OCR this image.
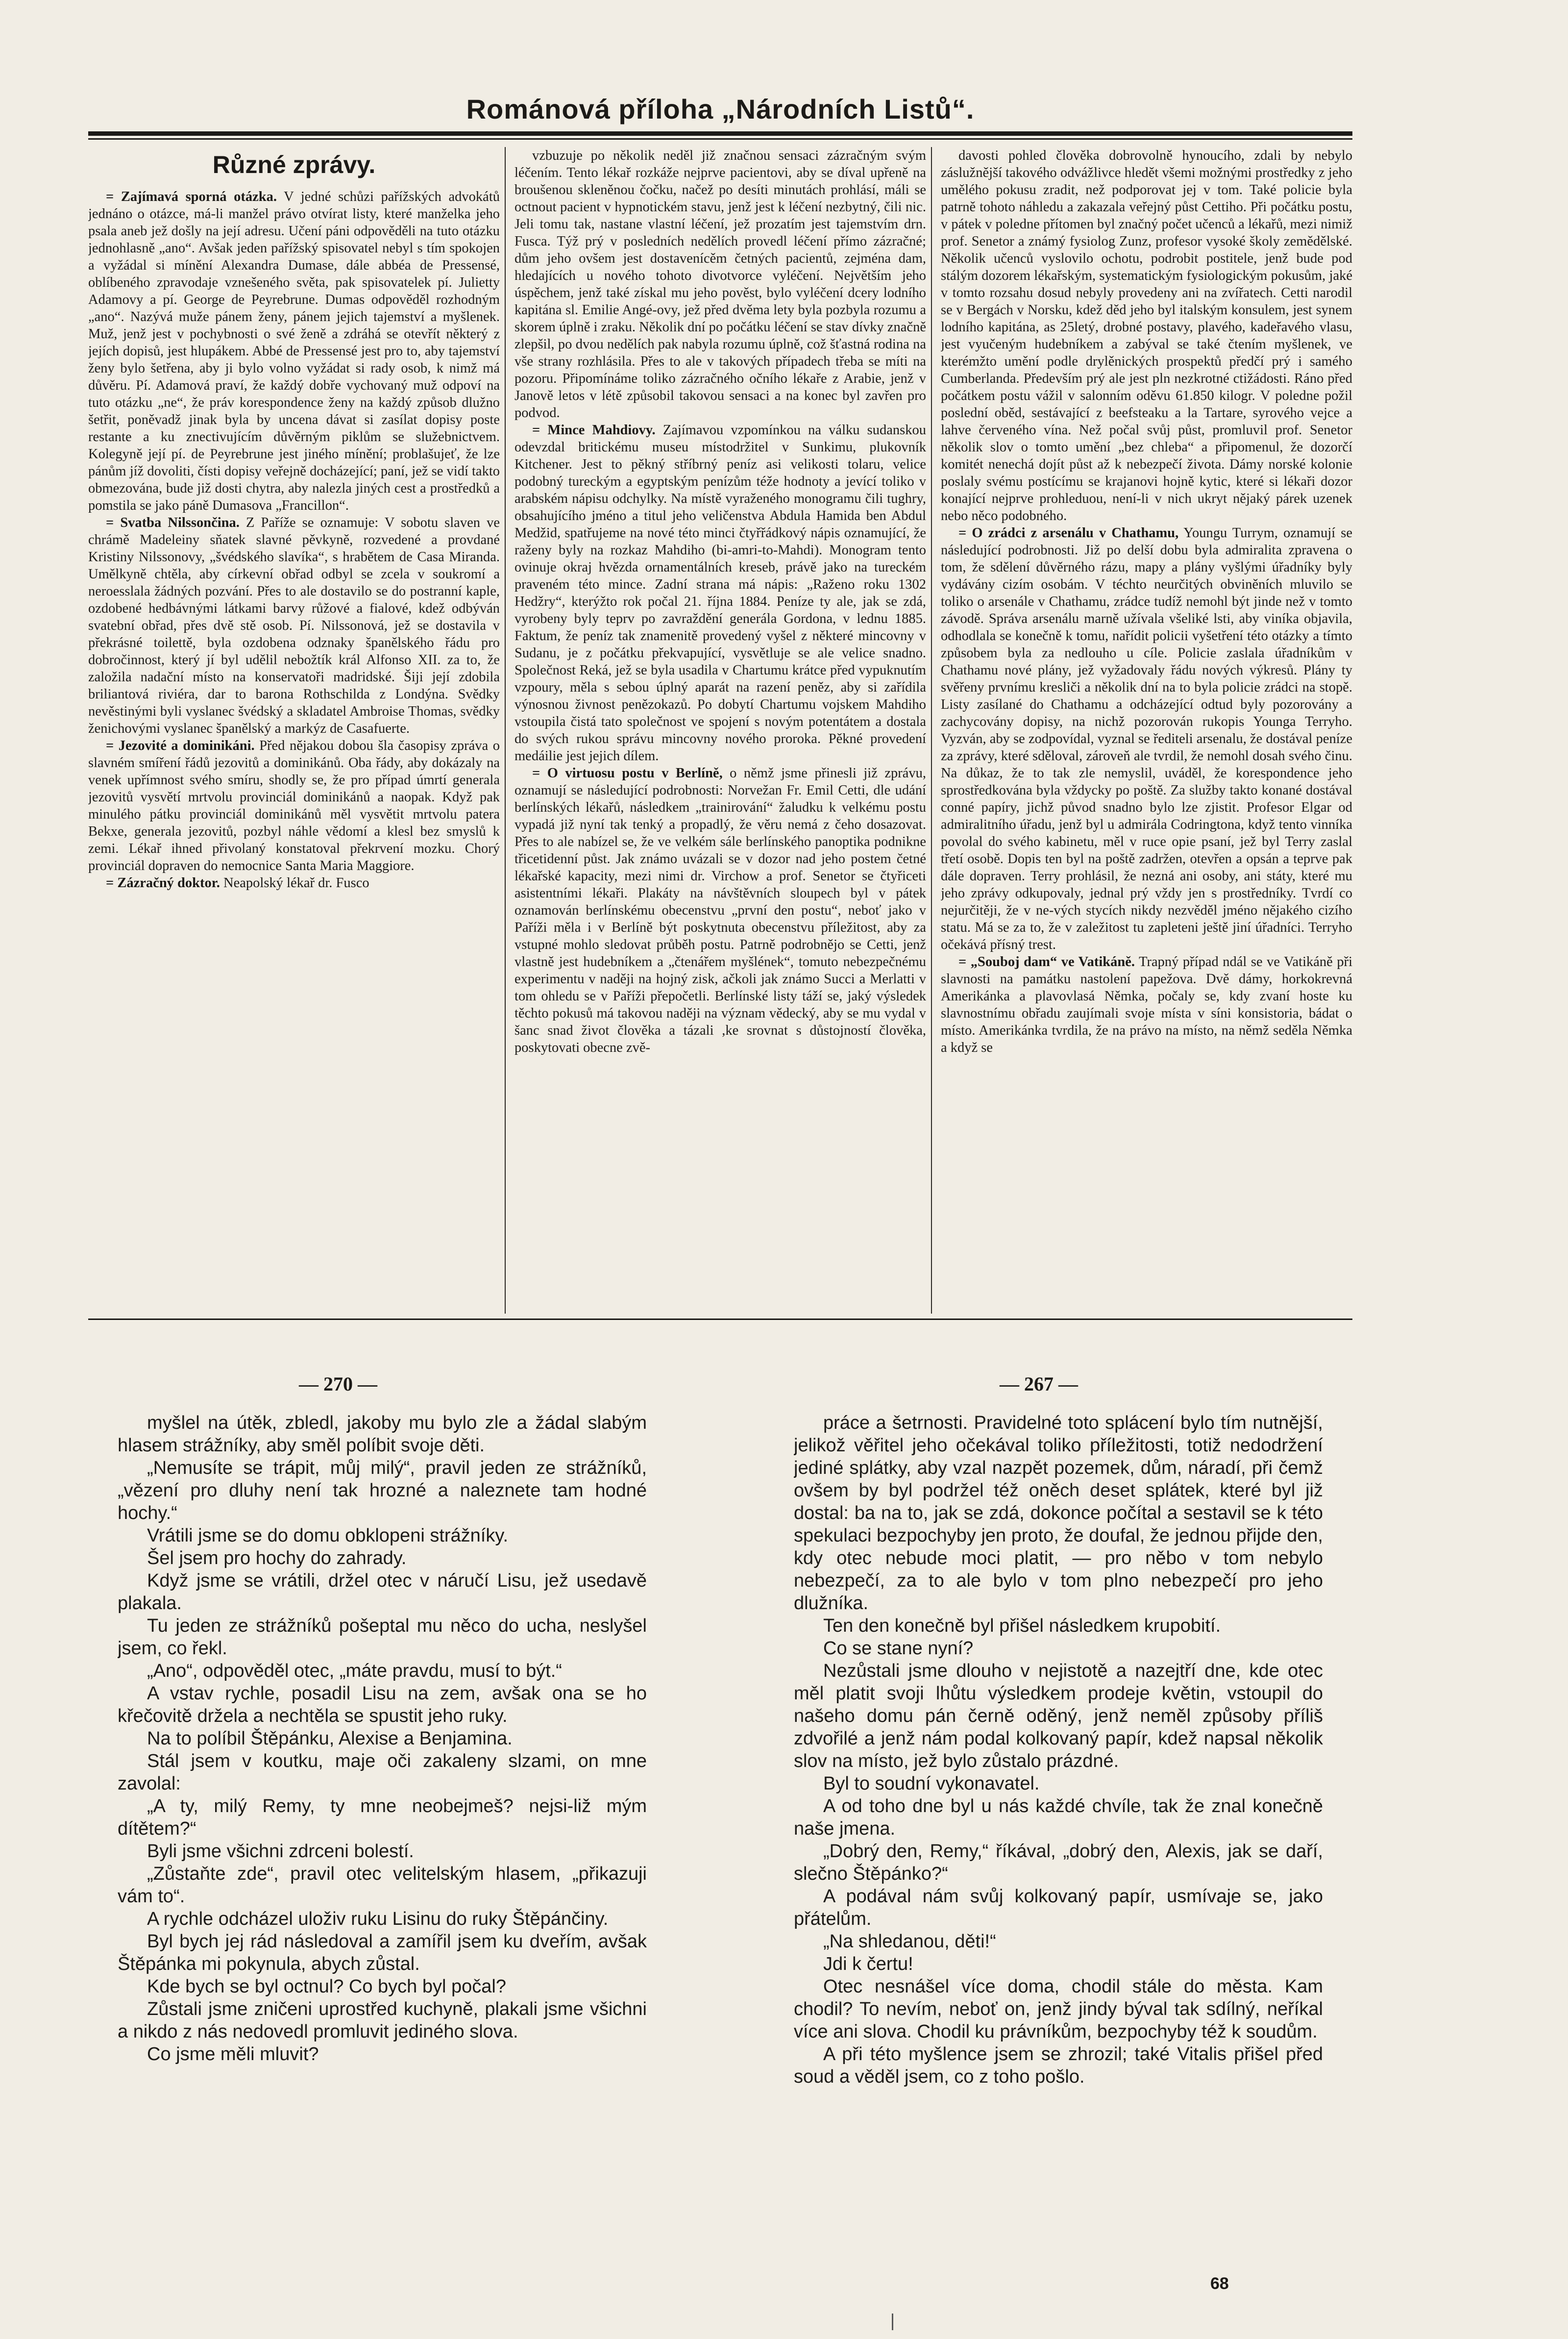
Románová příloha „Národních Listů“.
Různé zprávy.

= Zajímavá sporná otázka. V jedné schůzi pařížských advokátů jednáno o otázce, má-li manžel právo otvírat listy, které manželka jeho psala aneb jež došly na její adresu. Učení páni odpověděli na tuto otázku jednohlasně „ano“. Avšak jeden pařížský spisovatel nebyl s tím spokojen a vyžádal si mínění Alexandra Dumase, dále abbéa de Pressensé, oblíbeného zpravodaje vznešeného světa, pak spisovatelek pí. Julietty Adamovy a pí. George de Peyrebrune. Dumas odpověděl rozhodným „ano“. Nazývá muže pánem ženy, pánem jejich tajemství a myšlenek. Muž, jenž jest v pochybnosti o své ženě a zdráhá se otevřít některý z jejích dopisů, jest hlupákem. Abbé de Pressensé jest pro to, aby tajemství ženy bylo šetřena, aby ji bylo volno vyžádat si rady osob, k nimž má důvěru. Pí. Adamová praví, že každý dobře vychovaný muž odpoví na tuto otázku „ne“, že práv korespondence ženy na každý způsob dlužno šetřit, poněvadž jinak byla by uncena dávat si zasílat dopisy poste restante a ku znectivujícím důvěrným piklům se služebnictvem. Kolegyně její pí. de Peyrebrune jest jiného mínění; problašujeť, že lze pánům jíž dovoliti, čísti dopisy veřejně docházející; paní, jež se vidí takto obmezována, bude již dosti chytra, aby nalezla jiných cest a prostředků a pomstila se jako páně Dumasova „Francillon“.

= Svatba Nilssončina. Z Paříže se oznamuje: V sobotu slaven ve chrámě Madeleiny sňatek slavné pěvkyně, rozvedené a provdané Kristiny Nilssonovy, „švédského slavíka“, s hrabětem de Casa Miranda. Umělkyně chtěla, aby církevní obřad odbyl se zcela v soukromí a neroesslala žádných pozvání. Přes to ale dostavilo se do postranní kaple, ozdobené hedbávnými látkami barvy růžové a fialové, kdež odbýván svatební obřad, přes dvě stě osob. Pí. Nilssonová, jež se dostavila v překrásné toilettě, byla ozdobena odznaky španělského řádu pro dobročinnost, který jí byl udělil nebožtík král Alfonso XII. za to, že založila nadační místo na konservatoři madridské. Šiji její zdobila briliantová riviéra, dar to barona Rothschilda z Londýna. Svědky nevěstinými byli vyslanec švédský a skladatel Ambroise Thomas, svědky ženichovými vyslanec španělský a markýz de Casafuerte.

= Jezovité a dominikáni. Před nějakou dobou šla časopisy zpráva o slavném smíření řádů jezovitů a dominikánů. Oba řády, aby dokázaly na venek upřímnost svého smíru, shodly se, že pro případ úmrtí generala jezovitů vysvětí mrtvolu provinciál dominikánů a naopak. Když pak minulého pátku provinciál dominikánů měl vysvětit mrtvolu patera Bekxe, generala jezovitů, pozbyl náhle vědomí a klesl bez smyslů k zemi. Lékař ihned přivolaný konstatoval překrvení mozku. Chorý provinciál dopraven do nemocnice Santa Maria Maggiore.

= Zázračný doktor. Neapolský lékař dr. Fusco

vzbuzuje po několik neděl již značnou sensaci zázračným svým léčením. Tento lékař rozkáže nejprve pacientovi, aby se díval upřeně na broušenou skleněnou čočku, načež po desíti minutách prohlásí, máli se octnout pacient v hypnotickém stavu, jenž jest k léčení nezbytný, čili nic. Jeli tomu tak, nastane vlastní léčení, jež prozatím jest tajemstvím drn. Fusca. Týž prý v posledních nedělích provedl léčení přímo zázračné; dům jeho ovšem jest dostavenícěm četných pacientů, zejména dam, hledajících u nového tohoto divotvorce vyléčení. Největším jeho úspěchem, jenž také získal mu jeho pověst, bylo vyléčení dcery lodního kapitána sl. Emilie Angé-ovy, jež před dvěma lety byla pozbyla rozumu a skorem úplně i zraku. Několik dní po počátku léčení se stav dívky značně zlepšil, po dvou nedělích pak nabyla rozumu úplně, což šťastná rodina na vše strany rozhlásila. Přes to ale v takových případech třeba se míti na pozoru. Připomínáme toliko zázračného očního lékaře z Arabie, jenž v Janově letos v létě způsobil takovou sensaci a na konec byl zavřen pro podvod.

= Mince Mahdiovy. Zajímavou vzpomínkou na válku sudanskou odevzdal britickému museu místodržitel v Sunkimu, plukovník Kitchener. Jest to pěkný stříbrný peníz asi velikosti tolaru, velice podobný tureckým a egyptským penízům téže hodnoty a jevící toliko v arabském nápisu odchylky. Na místě vyraženého monogramu čili tughry, obsahujícího jméno a titul jeho veličenstva Abdula Hamida ben Abdul Medžid, spatřujeme na nové této minci čtyřřádkový nápis oznamující, že raženy byly na rozkaz Mahdiho (bi-amri-to-Mahdi). Monogram tento ovinuje okraj hvězda ornamentálních kreseb, právě jako na tureckém praveném této mince. Zadní strana má nápis: „Raženo roku 1302 Hedžry“, kterýžto rok počal 21. října 1884. Peníze ty ale, jak se zdá, vyrobeny byly teprv po zavraždění generála Gordona, v lednu 1885. Faktum, že peníz tak znamenitě provedený vyšel z některé mincovny v Sudanu, je z počátku překvapující, vysvětluje se ale velice snadno. Společnost Reká, jež se byla usadila v Chartumu krátce před vypuknutím vzpoury, měla s sebou úplný aparát na razení peněz, aby si zařídila výnosnou živnost penězokazů. Po dobytí Chartumu vojskem Mahdiho vstoupila čistá tato společnost ve spojení s novým potentátem a dostala do svých rukou správu mincovny nového proroka. Pěkné provedení medáilie jest jejich dílem.

= O virtuosu postu v Berlíně, o němž jsme přinesli již zprávu, oznamují se následující podrobnosti: Norvežan Fr. Emil Cetti, dle udání berlínských lékařů, následkem „trainirování“ žaludku k velkému postu vypadá již nyní tak tenký a propadlý, že věru nemá z čeho dosazovat. Přes to ale nabízel se, že ve velkém sále berlínského panoptika podnikne třicetidenní půst. Jak známo uvázali se v dozor nad jeho postem četné lékařské kapacity, mezi nimi dr. Virchow a prof. Senetor se čtyřiceti asistentními lékaři. Plakáty na návštěvních sloupech byl v pátek oznamován berlínskému obecenstvu „první den postu“, neboť jako v Paříži měla i v Berlíně být poskytnuta obecenstvu příležitost, aby za vstupné mohlo sledovat průběh postu. Patrně podrobnějo se Cetti, jenž vlastně jest hudebníkem a „čtenářem myšlének“, tomuto nebezpečnému experimentu v naději na hojný zisk, ačkoli jak známo Succi a Merlatti v tom ohledu se v Paříži přepočetli. Berlínské listy táží se, jaký výsledek těchto pokusů má takovou naději na význam vědecký, aby se mu vydal v šanc snad život člověka a tázali ,ke srovnat s důstojností člověka, poskytovati obecne zvě-

davosti pohled člověka dobrovolně hynoucího, zdali by nebylo záslužnější takového odvážlivce hledět všemi možnými prostředky z jeho umělého pokusu zradit, než podporovat jej v tom. Také policie byla patrně tohoto náhledu a zakazala veřejný půst Cettiho. Při počátku postu, v pátek v poledne přítomen byl značný počet učenců a lékařů, mezi nimiž prof. Senetor a známý fysiolog Zunz, profesor vysoké školy zemědělské. Několik učenců vyslovilo ochotu, podrobit postitele, jenž bude pod stálým dozorem lékařským, systematickým fysiologickým pokusům, jaké v tomto rozsahu dosud nebyly provedeny ani na zvířatech. Cetti narodil se v Bergách v Norsku, kdež děd jeho byl italským konsulem, jest synem lodního kapitána, as 25letý, drobné postavy, plavého, kadeřavého vlasu, jest vyučeným hudebníkem a zabýval se také čtením myšlenek, ve kterémžto umění podle drylěnických prospektů předčí prý i samého Cumberlanda. Především prý ale jest pln nezkrotné ctižádosti. Ráno před počátkem postu vážil v salonním oděvu 61.850 kilogr. V poledne požil poslední oběd, sestávající z beefsteaku a la Tartare, syrového vejce a lahve červeného vína. Než počal svůj půst, promluvil prof. Senetor několik slov o tomto umění „bez chleba“ a připomenul, že dozorčí komitét nenechá dojít půst až k nebezpečí života. Dámy norské kolonie poslaly svému postícímu se krajanovi hojně kytic, které si lékaři dozor konající nejprve prohleduou, není-li v nich ukryt nějaký párek uzenek nebo něco podobného.

= O zrádci z arsenálu v Chathamu, Youngu Turrym, oznamují se následující podrobnosti. Již po delší dobu byla admiralita zpravena o tom, že sdělení důvěrného rázu, mapy a plány vyšlými úřadníky byly vydávány cizím osobám. V téchto neurčitých obviněních mluvilo se toliko o arsenále v Chathamu, zrádce tudíž nemohl být jinde než v tomto závodě. Správa arsenálu marně užívala všeliké lsti, aby viníka objavila, odhodlala se konečně k tomu, nařídit policii vyšetření této otázky a tímto způsobem byla za nedlouho u cíle. Policie zaslala úřadníkům v Chathamu nové plány, jež vyžadovaly řádu nových výkresů. Plány ty svěřeny prvnímu kresliči a několik dní na to byla policie zrádci na stopě. Listy zasílané do Chathamu a odcházející odtud byly pozorovány a zachycovány dopisy, na nichž pozorován rukopis Younga Terryho. Vyzván, aby se zodpovídal, vyznal se řediteli arsenalu, že dostával peníze za zprávy, které sděloval, zároveň ale tvrdil, že nemohl dosah svého činu. Na důkaz, že to tak zle nemyslil, uváděl, že korespondence jeho sprostředkována byla vždycky po poště. Za služby takto konané dostával conné papíry, jichž původ snadno bylo lze zjistit. Profesor Elgar od admiralitního úřadu, jenž byl u admirála Codringtona, když tento vinníka povolal do svého kabinetu, měl v ruce opie psaní, jež byl Terry zaslal třetí osobě. Dopis ten byl na poště zadržen, otevřen a opsán a teprve pak dále dopraven. Terry prohlásil, že nezná ani osoby, ani státy, které mu jeho zprávy odkupovaly, jednal prý vždy jen s prostředníky. Tvrdí co nejurčitěji, že v ne-vých stycích nikdy nezvěděl jméno nějakého cizího statu. Má se za to, že v zaležitost tu zapleteni ještě jiní úřadníci. Terryho očekává přísný trest.

= „Souboj dam“ ve Vatikáně. Trapný případ ndál se ve Vatikáně při slavnosti na památku nastolení papežova. Dvě dámy, horkokrevná Amerikánka a plavovlasá Němka, počaly se, kdy zvaní hoste ku slavnostnímu obřadu zaujímali svoje místa v síni konsistoria, bádat o místo. Amerikánka tvrdila, že na právo na místo, na němž seděla Němka a když se

— 270 —	— 267 —

myšlel na útěk, zbledl, jakoby mu bylo zle a žádal slabým hlasem strážníky, aby směl políbit svoje děti.

„Nemusíte se trápit, můj milý“, pravil jeden ze strážníků, „vězení pro dluhy není tak hrozné a naleznete tam hodné hochy.“

Vrátili jsme se do domu obklopeni strážníky.

Šel jsem pro hochy do zahrady.

Když jsme se vrátili, držel otec v náručí Lisu, jež usedavě plakala.

Tu jeden ze strážníků pošeptal mu něco do ucha, neslyšel jsem, co řekl.

„Ano“, odpověděl otec, „máte pravdu, musí to být.“

A vstav rychle, posadil Lisu na zem, avšak ona se ho křečovitě držela a nechtěla se spustit jeho ruky.

Na to políbil Štěpánku, Alexise a Benjamina.

Stál jsem v koutku, maje oči zakaleny slzami, on mne zavolal:

„A ty, milý Remy, ty mne neobejmeš? nejsi-liž mým dítětem?“

Byli jsme všichni zdrceni bolestí.

„Zůstaňte zde“, pravil otec velitelským hlasem, „přikazuji vám to“.

A rychle odcházel uloživ ruku Lisinu do ruky Štěpánčiny.

Byl bych jej rád následoval a zamířil jsem ku dveřím, avšak Štěpánka mi pokynula, abych zůstal.

Kde bych se byl octnul? Co bych byl počal?

Zůstali jsme zničeni uprostřed kuchyně, plakali jsme všichni a nikdo z nás nedovedl promluvit jediného slova.

Co jsme měli mluvit?

práce a šetrnosti. Pravidelné toto splácení bylo tím nutnější, jelikož věřitel jeho očekával toliko příležitosti, totiž nedodržení jediné splátky, aby vzal nazpět pozemek, dům, náradí, při čemž ovšem by byl podržel též oněch deset splátek, které byl již dostal: ba na to, jak se zdá, dokonce počítal a sestavil se k této spekulaci bezpochyby jen proto, že doufal, že jednou přijde den, kdy otec nebude moci platit, — pro něbo v tom nebylo nebezpečí, za to ale bylo v tom plno nebezpečí pro jeho dlužníka.

Ten den konečně byl přišel následkem krupobití.

Co se stane nyní?

Nezůstali jsme dlouho v nejistotě a nazejtří dne, kde otec měl platit svoji lhůtu výsledkem prodeje květin, vstoupil do našeho domu pán černě oděný, jenž neměl způsoby příliš zdvořilé a jenž nám podal kolkovaný papír, kdež napsal několik slov na místo, jež bylo zůstalo prázdné.

Byl to soudní vykonavatel.

A od toho dne byl u nás každé chvíle, tak že znal konečně naše jmena.

„Dobrý den, Remy,“ říkával, „dobrý den, Alexis, jak se daří, slečno Štěpánko?“

A podával nám svůj kolkovaný papír, usmívaje se, jako přátelům.

„Na shledanou, děti!“

Jdi k čertu!

Otec nesnášel více doma, chodil stále do města. Kam chodil? To nevím, neboť on, jenž jindy býval tak sdílný, neříkal více ani slova. Chodil ku právníkům, bezpochyby též k soudům.

A při této myšlence jsem se zhrozil; také Vitalis přišel před soud a věděl jsem, co z toho pošlo.

68
